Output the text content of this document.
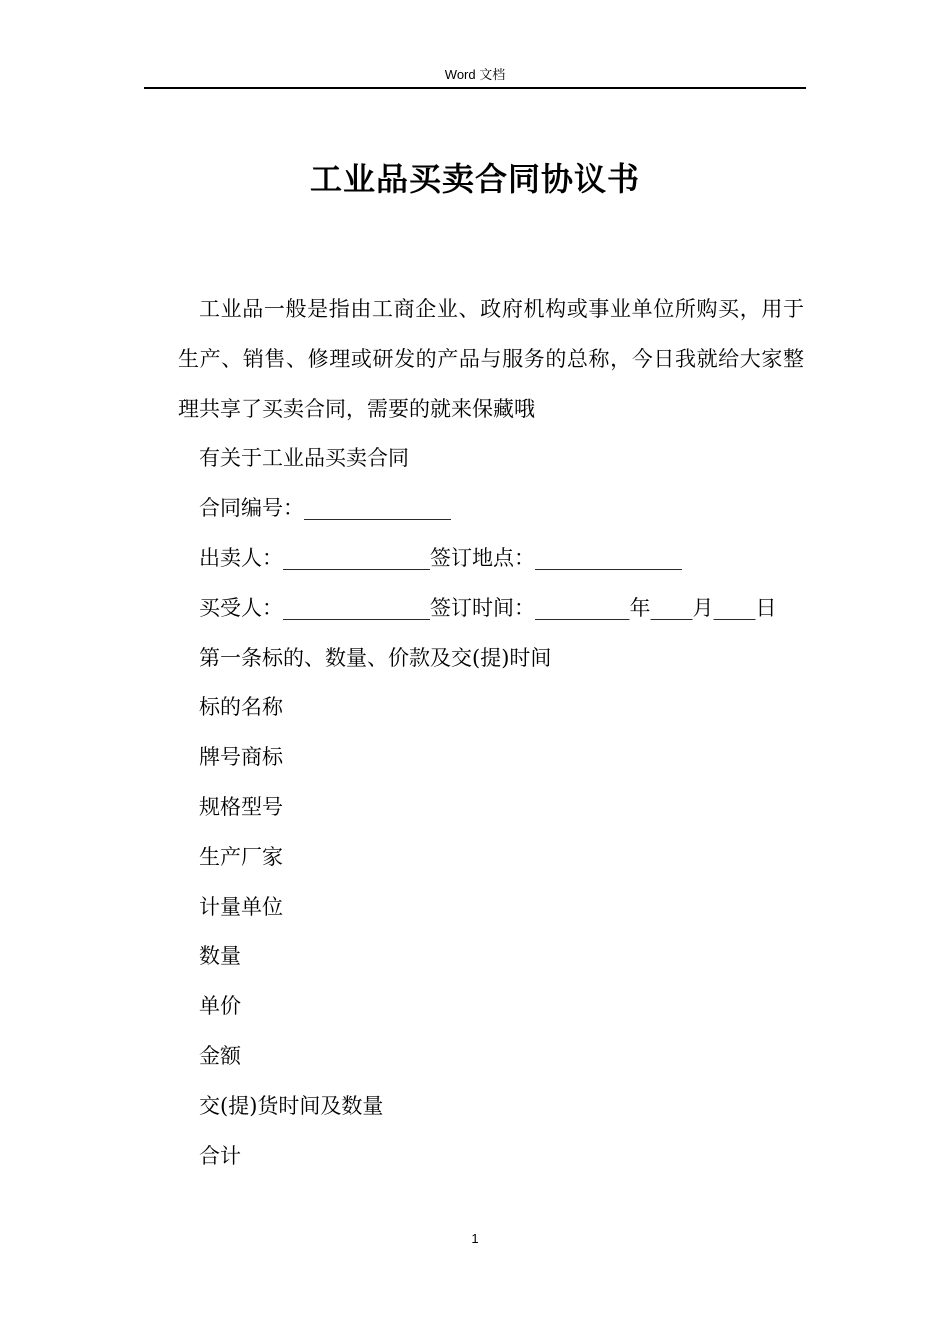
Word 文档
工业品买卖合同协议书

工业品一般是指由工商企业、政府机构或事业单位所购买，用于生产、销售、修理或研发的产品与服务的总称，今日我就给大家整理共享了买卖合同，需要的就来保藏哦

有关于工业品买卖合同

合同编号：______________

出卖人：______________签订地点：______________

买受人：______________签订时间：_________年____月____日

第一条标的、数量、价款及交(提)时间

标的名称

牌号商标

规格型号

生产厂家

计量单位

数量

单价

金额

交(提)货时间及数量

合计

1
